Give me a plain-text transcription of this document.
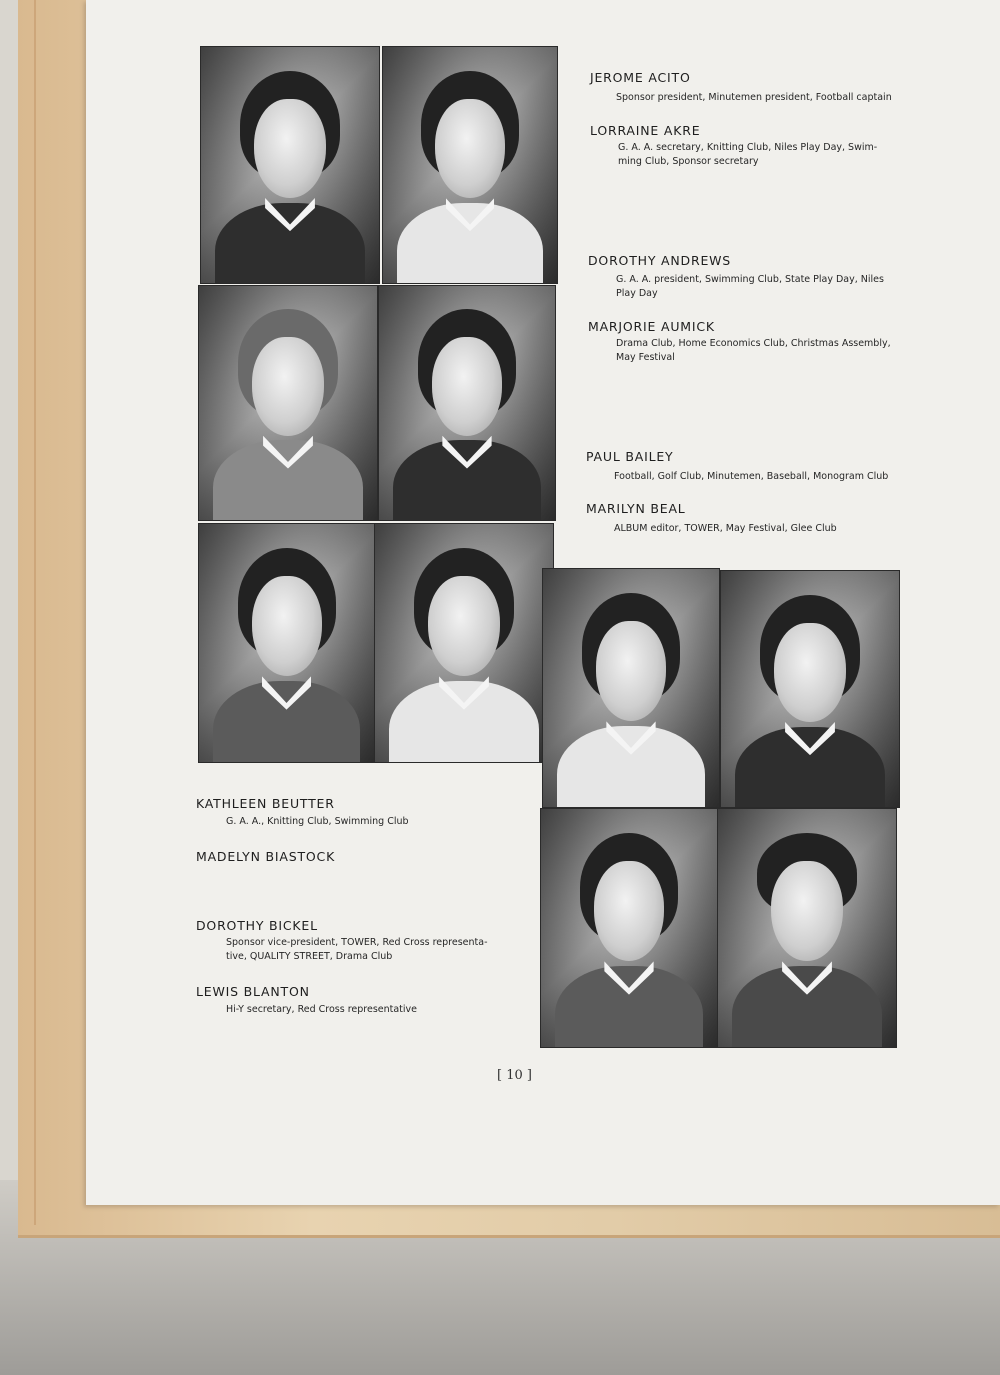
JEROME ACITO
Sponsor president, Minutemen president, Football captain
LORRAINE AKRE
G. A. A. secretary, Knitting Club, Niles Play Day, Swim-
ming Club, Sponsor secretary
DOROTHY ANDREWS
G. A. A. president, Swimming Club, State Play Day, Niles
Play Day
MARJORIE AUMICK
Drama Club, Home Economics Club, Christmas Assembly,
May Festival
PAUL BAILEY
Football, Golf Club, Minutemen, Baseball, Monogram Club
MARILYN BEAL
ALBUM editor, TOWER, May Festival, Glee Club
KATHLEEN BEUTTER
G. A. A., Knitting Club, Swimming Club
MADELYN BIASTOCK
DOROTHY BICKEL
Sponsor vice-president, TOWER, Red Cross representa-
tive, QUALITY STREET, Drama Club
LEWIS BLANTON
Hi-Y secretary, Red Cross representative
[ 10 ]
